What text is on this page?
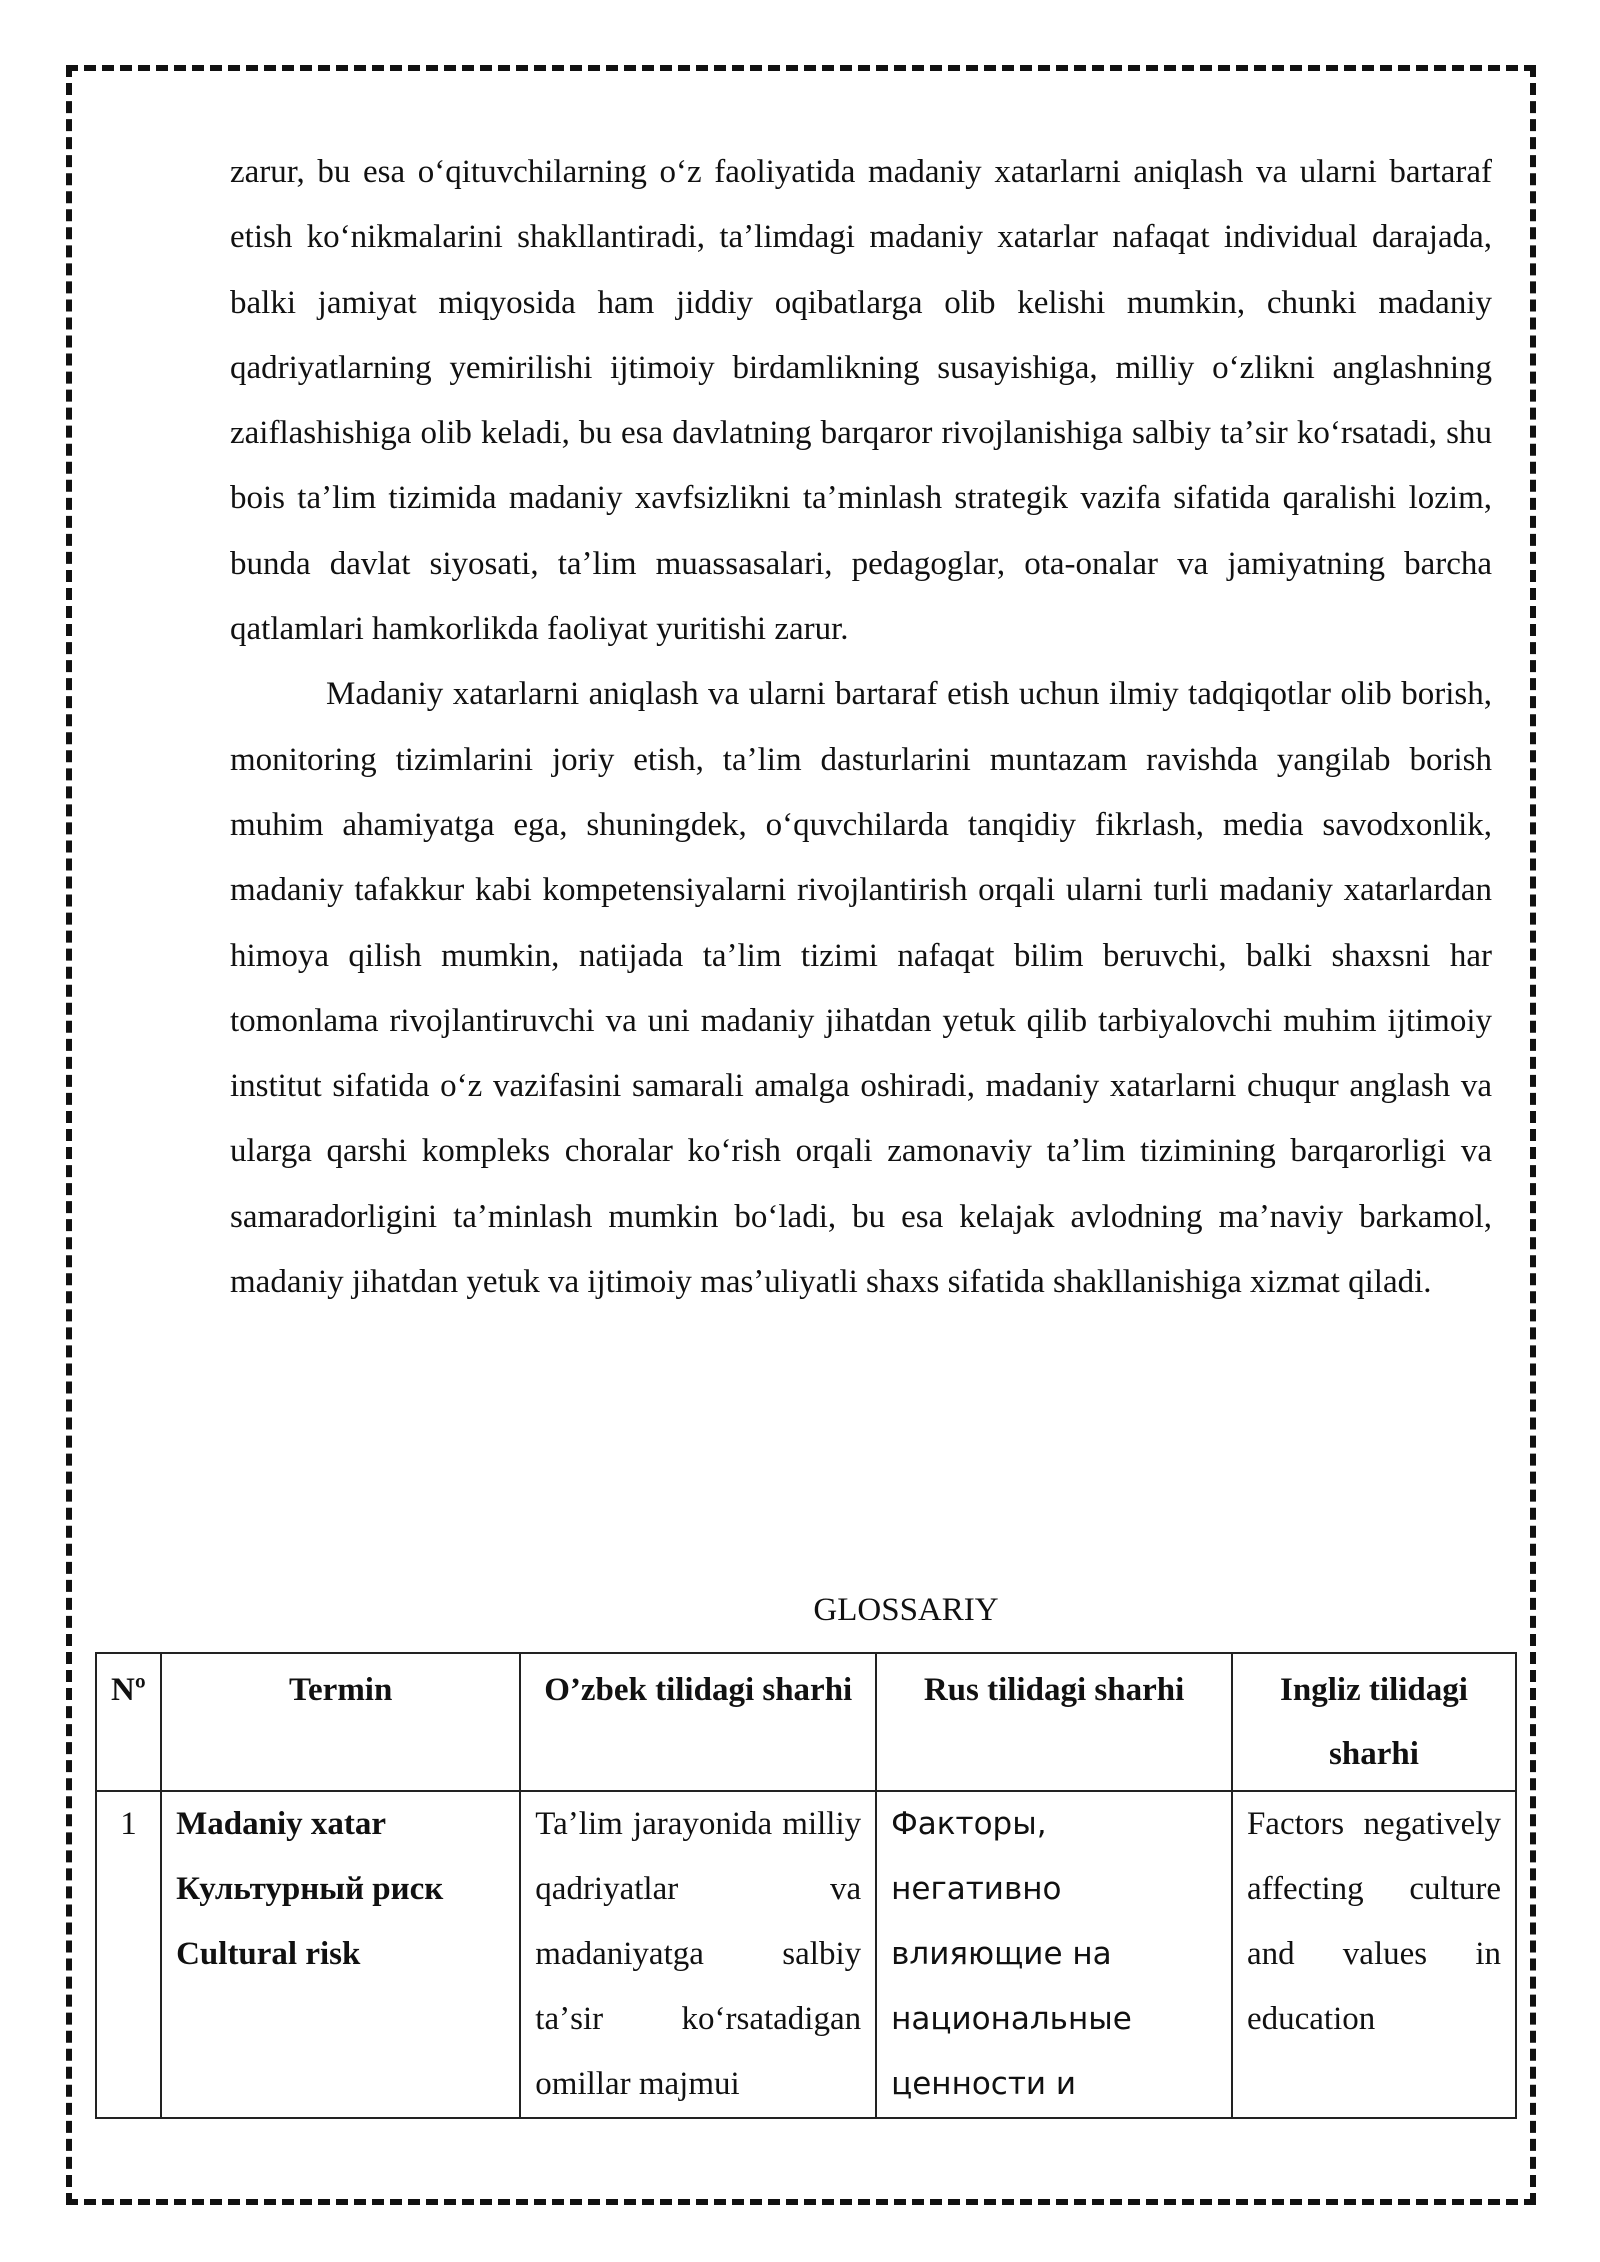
zarur, bu esa oʻqituvchilarning oʻz faoliyatida madaniy xatarlarni aniqlash va ularni bartaraf etish koʻnikmalarini shakllantiradi, taʼlimdagi madaniy xatarlar nafaqat individual darajada, balki jamiyat miqyosida ham jiddiy oqibatlarga olib kelishi mumkin, chunki madaniy qadriyatlarning yemirilishi ijtimoiy birdamlikning susayishiga, milliy oʻzlikni anglashning zaiflashishiga olib keladi, bu esa davlatning barqaror rivojlanishiga salbiy taʼsir koʻrsatadi, shu bois taʼlim tizimida madaniy xavfsizlikni taʼminlash strategik vazifa sifatida qaralishi lozim, bunda davlat siyosati, taʼlim muassasalari, pedagoglar, ota-onalar va jamiyatning barcha qatlamlari hamkorlikda faoliyat yuritishi zarur.

Madaniy xatarlarni aniqlash va ularni bartaraf etish uchun ilmiy tadqiqotlar olib borish, monitoring tizimlarini joriy etish, taʼlim dasturlarini muntazam ravishda yangilab borish muhim ahamiyatga ega, shuningdek, oʻquvchilarda tanqidiy fikrlash, media savodxonlik, madaniy tafakkur kabi kompetensiyalarni rivojlantirish orqali ularni turli madaniy xatarlardan himoya qilish mumkin, natijada taʼlim tizimi nafaqat bilim beruvchi, balki shaxsni har tomonlama rivojlantiruvchi va uni madaniy jihatdan yetuk qilib tarbiyalovchi muhim ijtimoiy institut sifatida oʻz vazifasini samarali amalga oshiradi, madaniy xatarlarni chuqur anglash va ularga qarshi kompleks choralar koʻrish orqali zamonaviy taʼlim tizimining barqarorligi va samaradorligini taʼminlash mumkin boʻladi, bu esa kelajak avlodning maʼnaviy barkamol, madaniy jihatdan yetuk va ijtimoiy masʼuliyatli shaxs sifatida shakllanishiga xizmat qiladi.

GLOSSARIY
Nº	Termin	O’zbek tilidagi sharhi	Rus tilidagi sharhi	Ingliz tilidagi sharhi
1	Madaniy xatar
Культурный риск
Cultural risk	Taʼlim jarayonida milliy qadriyatlar va madaniyatga salbiy taʼsir koʻrsatadigan omillar majmui	Факторы,
негативно
влияющие на
национальные
ценности и	Factors negatively affecting culture and values in education
